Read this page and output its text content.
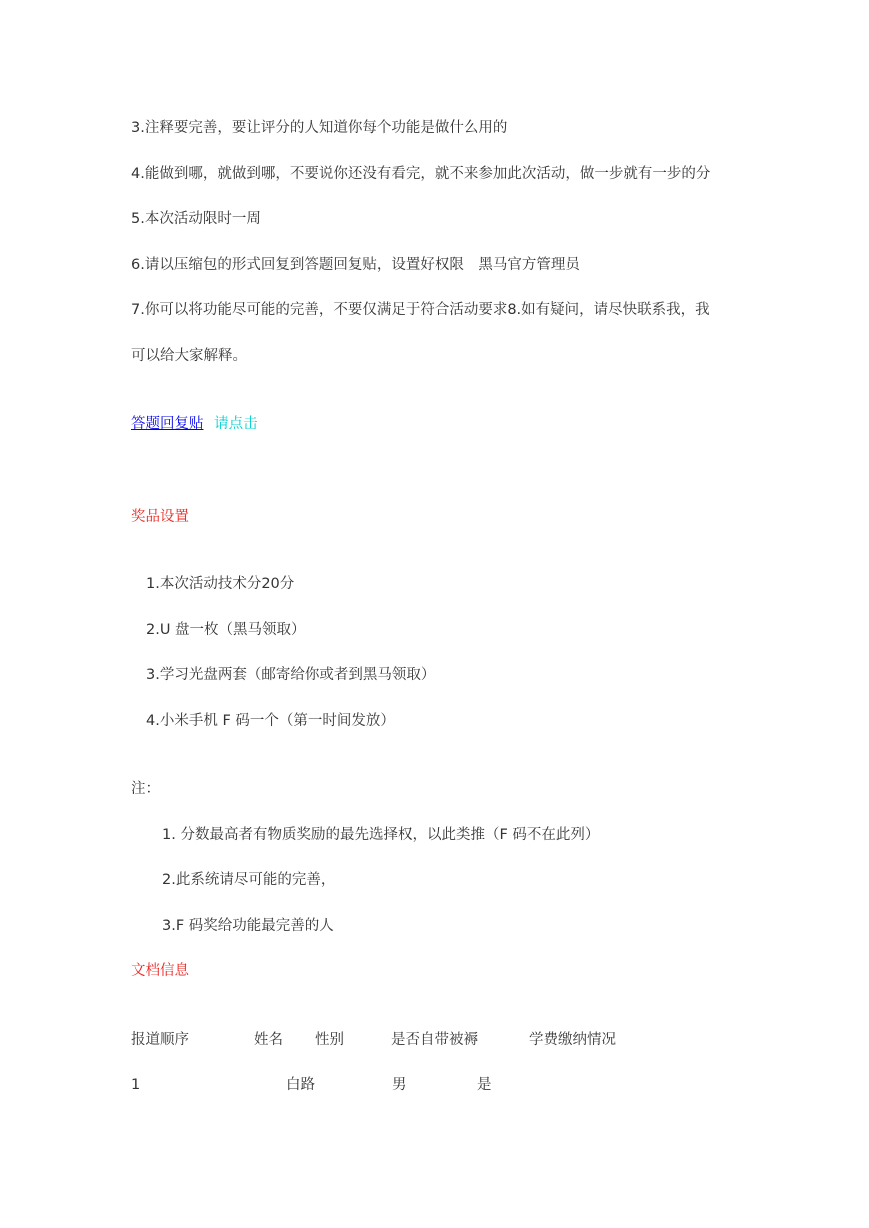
3.注释要完善，要让评分的人知道你每个功能是做什么用的
4.能做到哪，就做到哪，不要说你还没有看完，就不来参加此次活动，做一步就有一步的分
5.本次活动限时一周
6.请以压缩包的形式回复到答题回复贴，设置好权限　黑马官方管理员
7.你可以将功能尽可能的完善，不要仅满足于符合活动要求8.如有疑问，请尽快联系我，我
可以给大家解释。
答题回复贴 请点击
奖品设置
1.本次活动技术分20分
2.U 盘一枚（黑马领取）
3.学习光盘两套（邮寄给你或者到黑马领取）
4.小米手机 F 码一个（第一时间发放）
注：
1. 分数最高者有物质奖励的最先选择权，以此类推（F 码不在此列）
2.此系统请尽可能的完善，
3.F 码奖给功能最完善的人
文档信息
报道顺序	姓名 性别	是否自带被褥	学费缴纳情况
1	白路	男	是
